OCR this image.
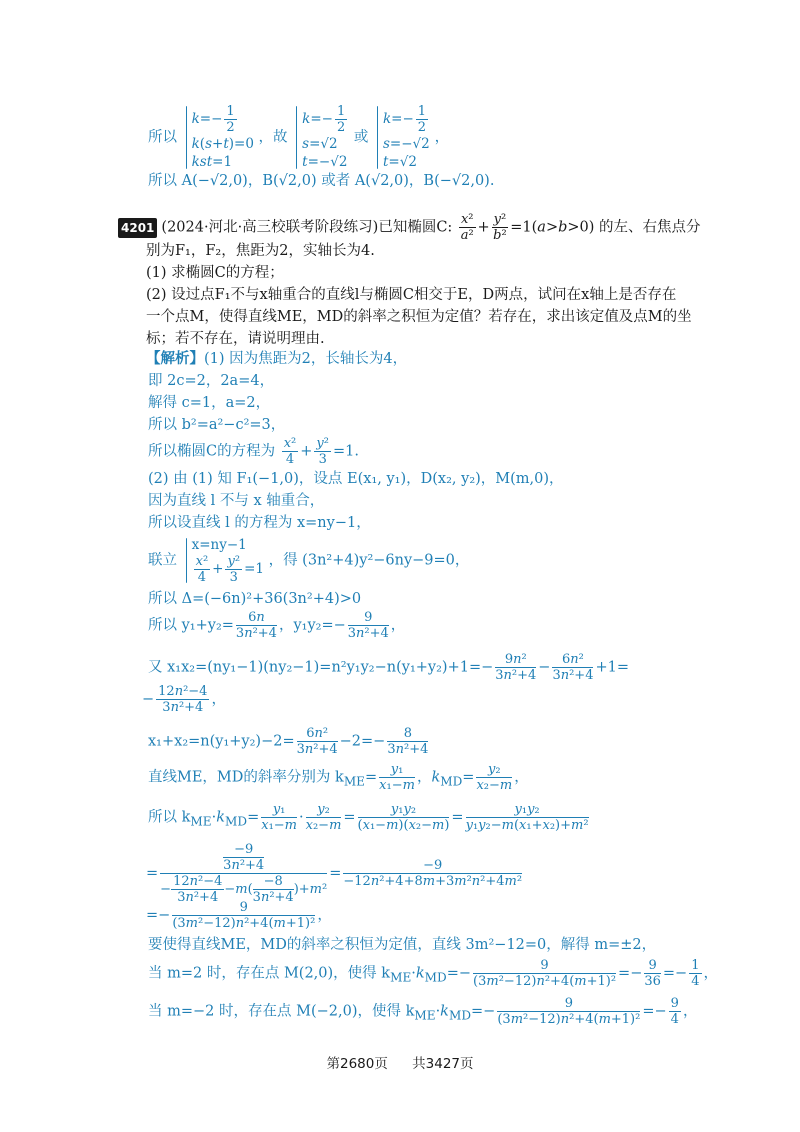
所以
$k=- \frac{1}{2}$
k(s+t)=0
kst=1
，故
$k=- \frac{1}{2}$
s=√2
t=−√2
或
$k=- \frac{1}{2}$
s=−√2
t=√2
，
所以 A(−√2,0)，B(√2,0) 或者 A(√2,0)，B(−√2,0).
4201 (2024·河北·高三校联考阶段练习)已知椭圆C: $\frac{\text{x²}}{\text{a²}} + \frac{\text{y²}}{\text{b²}} =1(a>b>0)$ 的左、右焦点分
别为F₁，F₂，焦距为2，实轴长为4.
(1) 求椭圆C的方程；
(2) 设过点F₁不与x轴重合的直线l与椭圆C相交于E，D两点，试问在x轴上是否存在
一个点M，使得直线ME，MD的斜率之积恒为定值？若存在，求出该定值及点M的坐
标；若不存在，请说明理由.
【解析】(1) 因为焦距为2，长轴长为4，
即 2c=2，2a=4，
解得 c=1，a=2，
所以 b²=a²−c²=3，
所以椭圆C的方程为 $\frac{\text{x²}}{4} + \frac{\text{y²}}{3} =1$.
(2) 由 (1) 知 F₁(−1,0)，设点 E(x₁, y₁)，D(x₂, y₂)，M(m,0)，
因为直线 l 不与 x 轴重合，
所以设直线 l 的方程为 x=ny−1，
联立
x=ny−1
$\frac{\text{x²}}{4} + \frac{\text{y²}}{3} =1$
，得 (3n²+4)y²−6ny−9=0，
所以 Δ=(−6n)²+36(3n²+4)>0
所以 $y_1+y_2= \frac{6n}{\text{3n²+4}}$ ，$y_1y_2=- \frac{9}{\text{3n²+4}}$ ，
又 $x_1x_2=(ny_1-1)(ny_2-1)=n^2y_1y_2-n(y_1+y_2)+1=- \frac{\text{9n²}}{\text{3n²+4}} - \frac{\text{6n²}}{\text{3n²+4}} +1=$
− $\frac{\text{12n²−4}}{\text{3n²+4}}$ ，
$x_1+x_2=n(y_1+y_2)-2= \frac{\text{6n²}}{\text{3n²+4}} -2=- \frac{8}{\text{3n²+4}}$
直线ME，MD的斜率分别为 $k_{ME}= \frac{\text{y₁}}{\text{x₁−m}}$ ，$k_{MD}= \frac{\text{y₂}}{\text{x₂−m}}$ ，
所以 $k_{ME}\cdot k_{MD}= \frac{\text{y₁}}{\text{x₁−m}} \cdot \frac{\text{y₂}}{\text{x₂−m}} = \frac{\text{y₁y₂}}{\text{(x₁−m)(x₂−m)}} = \frac{\text{y₁y₂}}{\text{y₁y₂−m(x₁+x₂)+m²}}$
= $\frac{\frac{-9}{\text{3n²+4}}}{- \frac{\text{12n²−4}}{\text{3n²+4}} -m( \frac{-8}{\text{3n²+4}} )+m^2} = \frac{-9}{\text{−12n²+4+8m+3m²n²+4m²}}$
=− $\frac{9}{\text{(3m²−12)n²+4(m+1)²}}$ ，
要使得直线ME，MD的斜率之积恒为定值，直线 3m²−12=0，解得 m=±2，
当 m=2 时，存在点 M(2,0)，使得 $k_{ME}\cdot k_{MD}=- \frac{9}{\text{(3m²−12)n²+4(m+1)²}} =- \frac{9}{36} =- \frac{1}{4}$ ，
当 m=−2 时，存在点 M(−2,0)，使得 $k_{ME}\cdot k_{MD}=- \frac{9}{\text{(3m²−12)n²+4(m+1)²}} =- \frac{9}{4}$ ，
第2680页 共3427页
